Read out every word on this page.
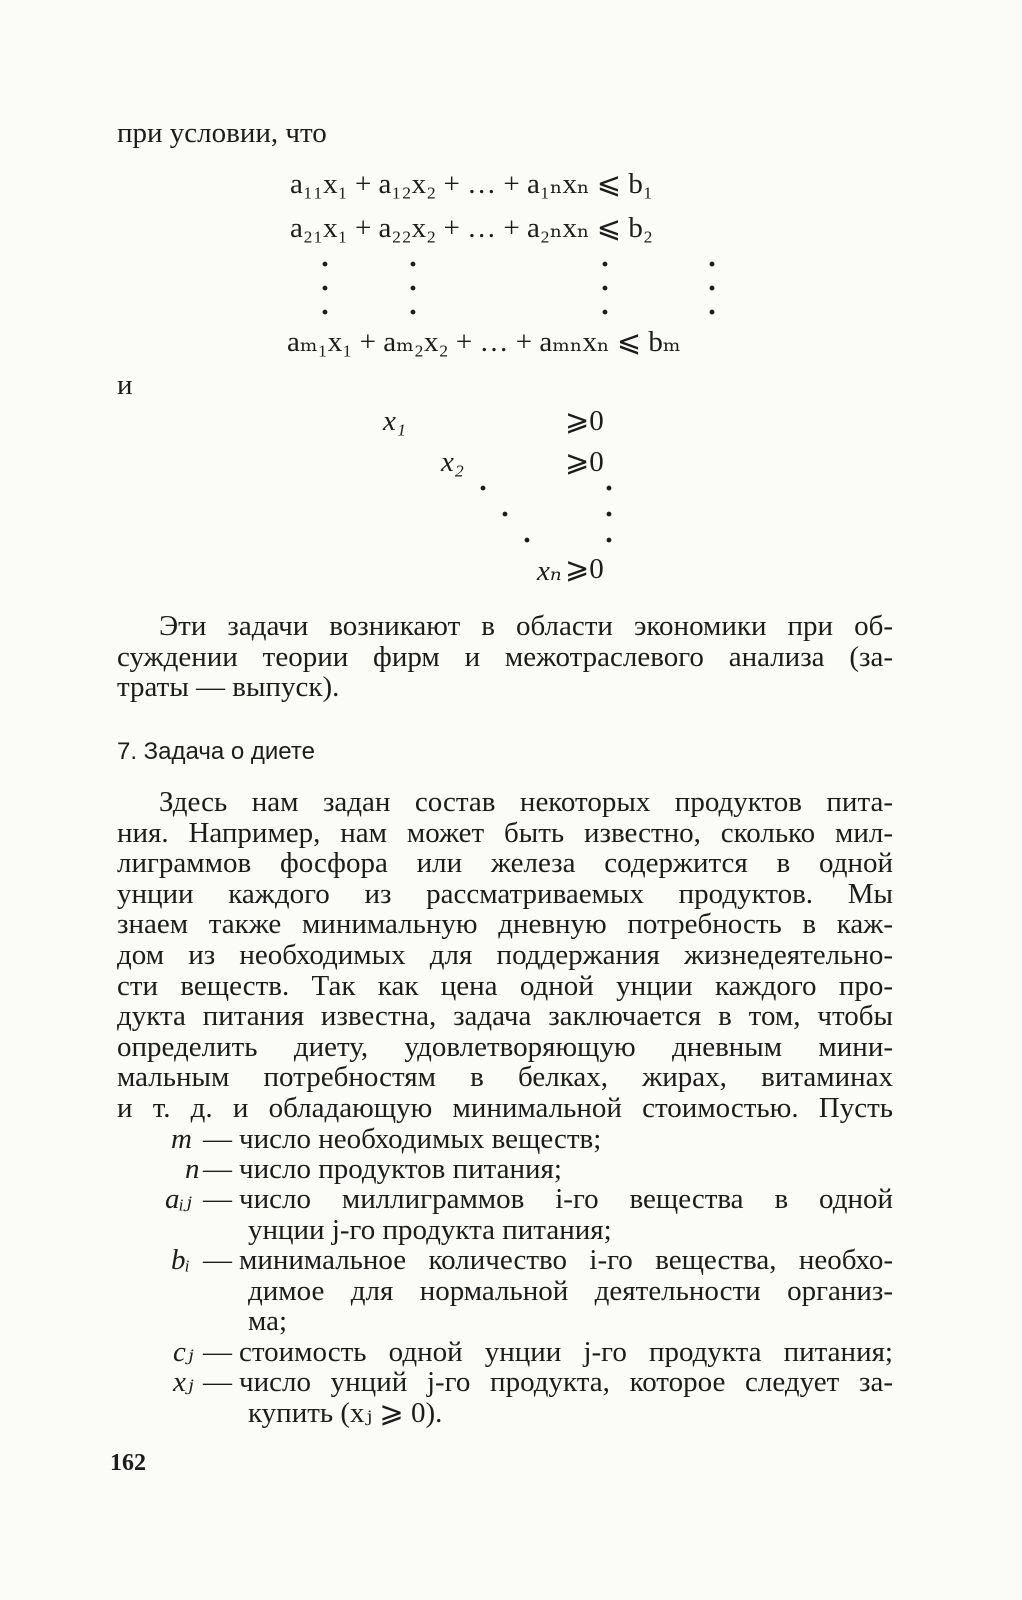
при условии, что
a₁₁x₁ + a₁₂x₂ + … + a₁ₙxₙ ⩽ b₁
a₂₁x₁ + a₂₂x₂ + … + a₂ₙxₙ ⩽ b₂
·	·	·	·
·	·	·	·
·	·	·	·
aₘ₁x₁ + aₘ₂x₂ + … + aₘₙxₙ ⩽ bₘ
и
x₁	⩾0
x₂	⩾0
·
·
·
·
·
·
xₙ ⩾0
Эти задачи возникают в области экономики при об-
суждении теории фирм и межотраслевого анализа (за-
траты — выпуск).
7. Задача о диете
Здесь нам задан состав некоторых продуктов пита-
ния. Например, нам может быть известно, сколько мил-
лиграммов фосфора или железа содержится в одной
унции каждого из рассматриваемых продуктов. Мы
знаем также минимальную дневную потребность в каж-
дом из необходимых для поддержания жизнедеятельно-
сти веществ. Так как цена одной унции каждого про-
дукта питания известна, задача заключается в том, чтобы
определить диету, удовлетворяющую дневным мини-
мальным потребностям в белках, жирах, витаминах
и т. д. и обладающую минимальной стоимостью. Пусть
m — число необходимых веществ;
n — число продуктов питания;
aᵢⱼ — число миллиграммов i-го вещества в одной
унции j-го продукта питания;
bᵢ — минимальное количество i-го вещества, необхо-
димое для нормальной деятельности организ-
ма;
cⱼ — стоимость одной унции j-го продукта питания;
xⱼ — число унций j-го продукта, которое следует за-
купить (xⱼ ⩾ 0).
162
